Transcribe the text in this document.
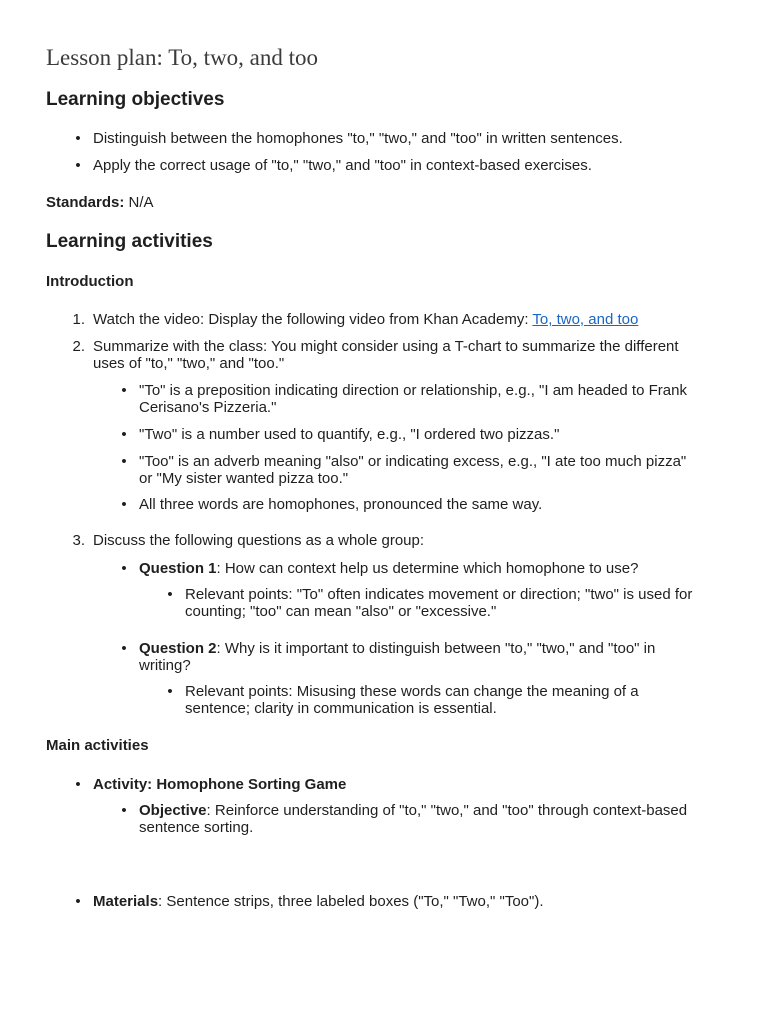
Lesson plan: To, two, and too
Learning objectives
• Distinguish between the homophones "to," "two," and "too" in written sentences.
• Apply the correct usage of "to," "two," and "too" in context-based exercises.
Standards: N/A
Learning activities
Introduction
1. Watch the video: Display the following video from Khan Academy: To, two, and too
2. Summarize with the class: You might consider using a T-chart to summarize the different
uses of "to," "two," and "too."
• "To" is a preposition indicating direction or relationship, e.g., "I am headed to Frank
Cerisano's Pizzeria."
• "Two" is a number used to quantify, e.g., "I ordered two pizzas."
• "Too" is an adverb meaning "also" or indicating excess, e.g., "I ate too much pizza"
or "My sister wanted pizza too."
• All three words are homophones, pronounced the same way.
3. Discuss the following questions as a whole group:
• Question 1: How can context help us determine which homophone to use?
• Relevant points: "To" often indicates movement or direction; "two" is used for
counting; "too" can mean "also" or "excessive."
• Question 2: Why is it important to distinguish between "to," "two," and "too" in
writing?
• Relevant points: Misusing these words can change the meaning of a
sentence; clarity in communication is essential.
Main activities
• Activity: Homophone Sorting Game
• Objective: Reinforce understanding of "to," "two," and "too" through context-based
sentence sorting.
• Materials: Sentence strips, three labeled boxes ("To," "Two," "Too").
